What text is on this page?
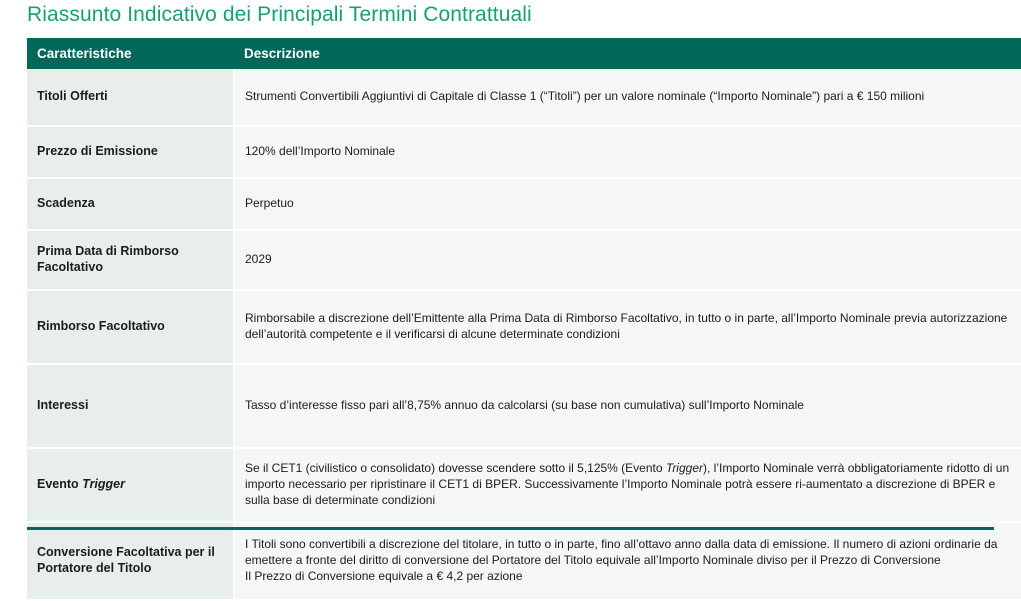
Riassunto Indicativo dei Principali Termini Contrattuali
Caratteristiche	Descrizione
Titoli Offerti	Strumenti Convertibili Aggiuntivi di Capitale di Classe 1 (“Titoli”) per un valore nominale (“Importo Nominale”) pari a € 150 milioni
Prezzo di Emissione	120% dell’Importo Nominale
Scadenza	Perpetuo
Prima Data di Rimborso Facoltativo	2029
Rimborso Facoltativo	Rimborsabile a discrezione dell’Emittente alla Prima Data di Rimborso Facoltativo, in tutto o in parte, all’Importo Nominale previa autorizzazione dell’autorità competente e il verificarsi di alcune determinate condizioni
Interessi	Tasso d’interesse fisso pari all’8,75% annuo da calcolarsi (su base non cumulativa) sull’Importo Nominale
Evento Trigger	Se il CET1 (civilistico o consolidato) dovesse scendere sotto il 5,125% (Evento Trigger), l’Importo Nominale verrà obbligatoriamente ridotto di un importo necessario per ripristinare il CET1 di BPER. Successivamente l’Importo Nominale potrà essere ri-aumentato a discrezione di BPER e sulla base di determinate condizioni
Conversione Facoltativa per il Portatore del Titolo	I Titoli sono convertibili a discrezione del titolare, in tutto o in parte, fino all’ottavo anno dalla data di emissione. Il numero di azioni ordinarie da emettere a fronte del diritto di conversione del Portatore del Titolo equivale all’Importo Nominale diviso per il Prezzo di Conversione
Il Prezzo di Conversione equivale a € 4,2 per azione
